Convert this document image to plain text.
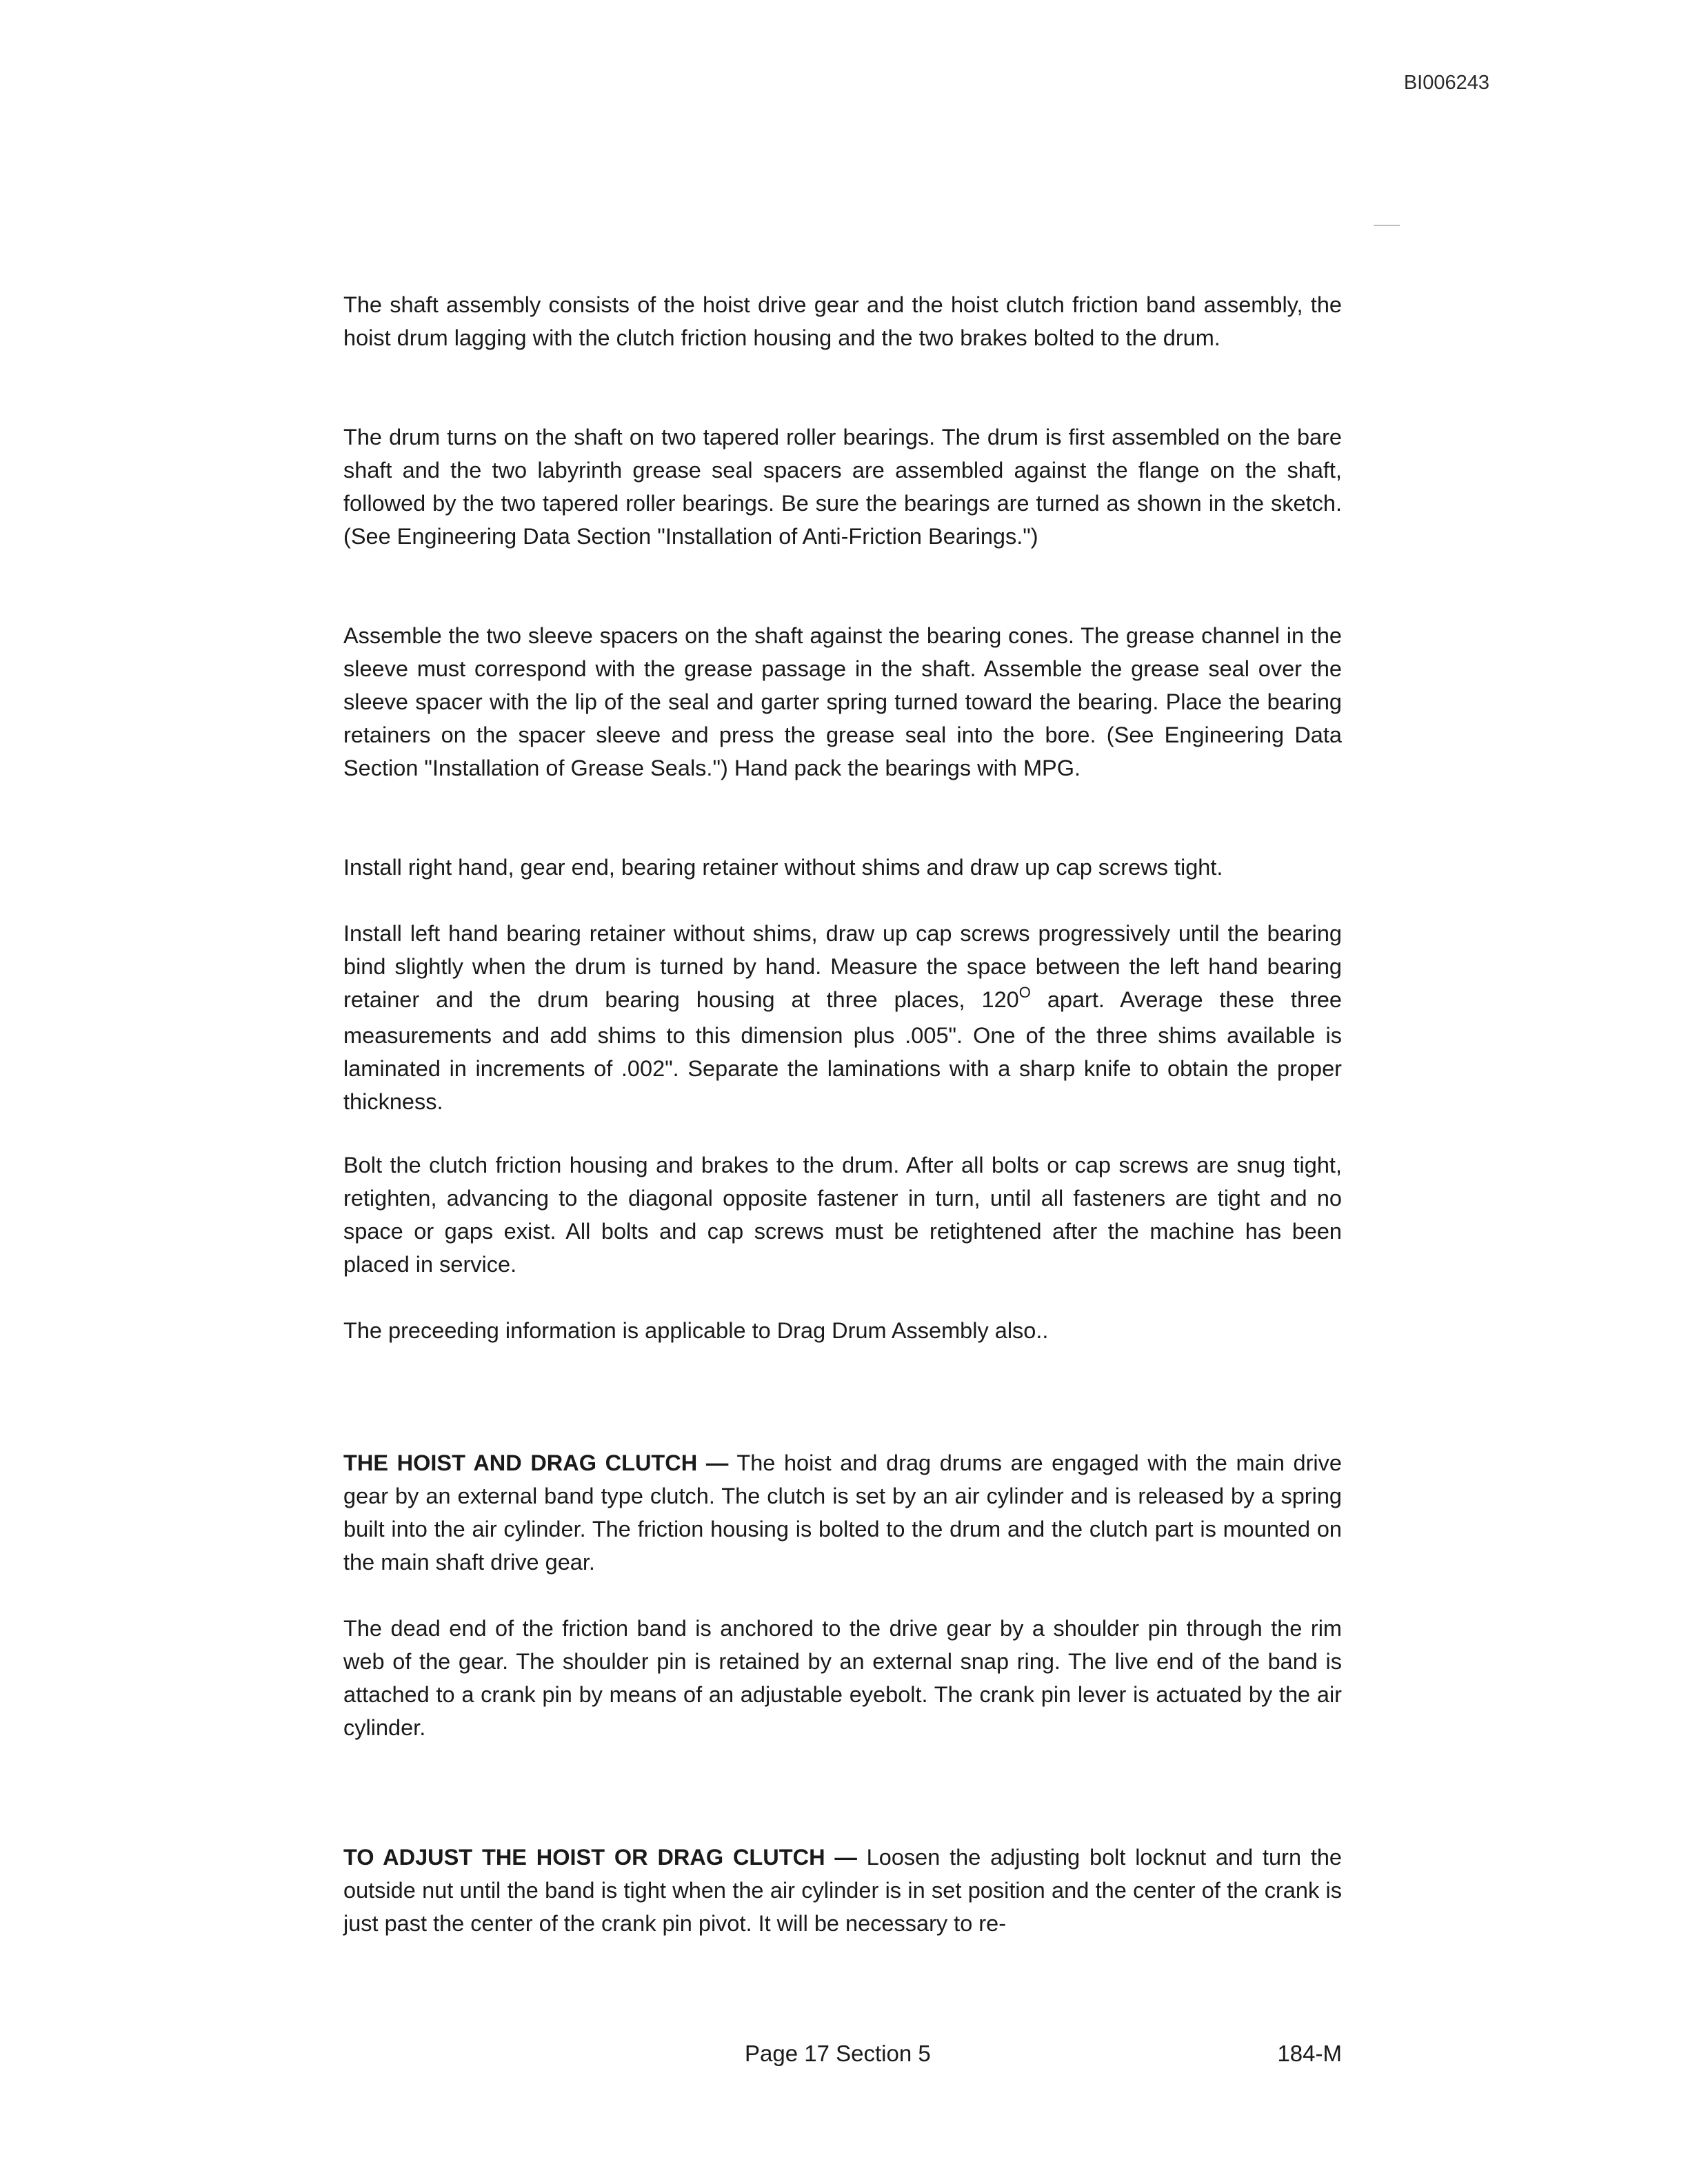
BI006243

The shaft assembly consists of the hoist drive gear and the hoist clutch friction band assembly, the hoist drum lagging with the clutch friction housing and the two brakes bolted to the drum.

The drum turns on the shaft on two tapered roller bearings. The drum is first assembled on the bare shaft and the two labyrinth grease seal spacers are assembled against the flange on the shaft, followed by the two tapered roller bearings. Be sure the bearings are turned as shown in the sketch. (See Engineering Data Section "Installation of Anti-Friction Bearings.")

Assemble the two sleeve spacers on the shaft against the bearing cones. The grease channel in the sleeve must correspond with the grease passage in the shaft. Assemble the grease seal over the sleeve spacer with the lip of the seal and garter spring turned toward the bearing. Place the bearing retainers on the spacer sleeve and press the grease seal into the bore. (See Engineering Data Section "Installation of Grease Seals.") Hand pack the bearings with MPG.

Install right hand, gear end, bearing retainer without shims and draw up cap screws tight.

Install left hand bearing retainer without shims, draw up cap screws progressively until the bearing bind slightly when the drum is turned by hand. Measure the space between the left hand bearing retainer and the drum bearing housing at three places, $120^O$ apart. Average these three measurements and add shims to this dimension plus .005". One of the three shims available is laminated in increments of .002". Separate the laminations with a sharp knife to obtain the proper thickness.

Bolt the clutch friction housing and brakes to the drum. After all bolts or cap screws are snug tight, retighten, advancing to the diagonal opposite fastener in turn, until all fasteners are tight and no space or gaps exist. All bolts and cap screws must be retightened after the machine has been placed in service.

The preceeding information is applicable to Drag Drum Assembly also..

THE HOIST AND DRAG CLUTCH — The hoist and drag drums are engaged with the main drive gear by an external band type clutch. The clutch is set by an air cylinder and is released by a spring built into the air cylinder. The friction housing is bolted to the drum and the clutch part is mounted on the main shaft drive gear.

The dead end of the friction band is anchored to the drive gear by a shoulder pin through the rim web of the gear. The shoulder pin is retained by an external snap ring. The live end of the band is attached to a crank pin by means of an adjustable eyebolt. The crank pin lever is actuated by the air cylinder.

TO ADJUST THE HOIST OR DRAG CLUTCH — Loosen the adjusting bolt locknut and turn the outside nut until the band is tight when the air cylinder is in set position and the center of the crank is just past the center of the crank pin pivot. It will be necessary to re-

Page 17 Section 5	184-M
